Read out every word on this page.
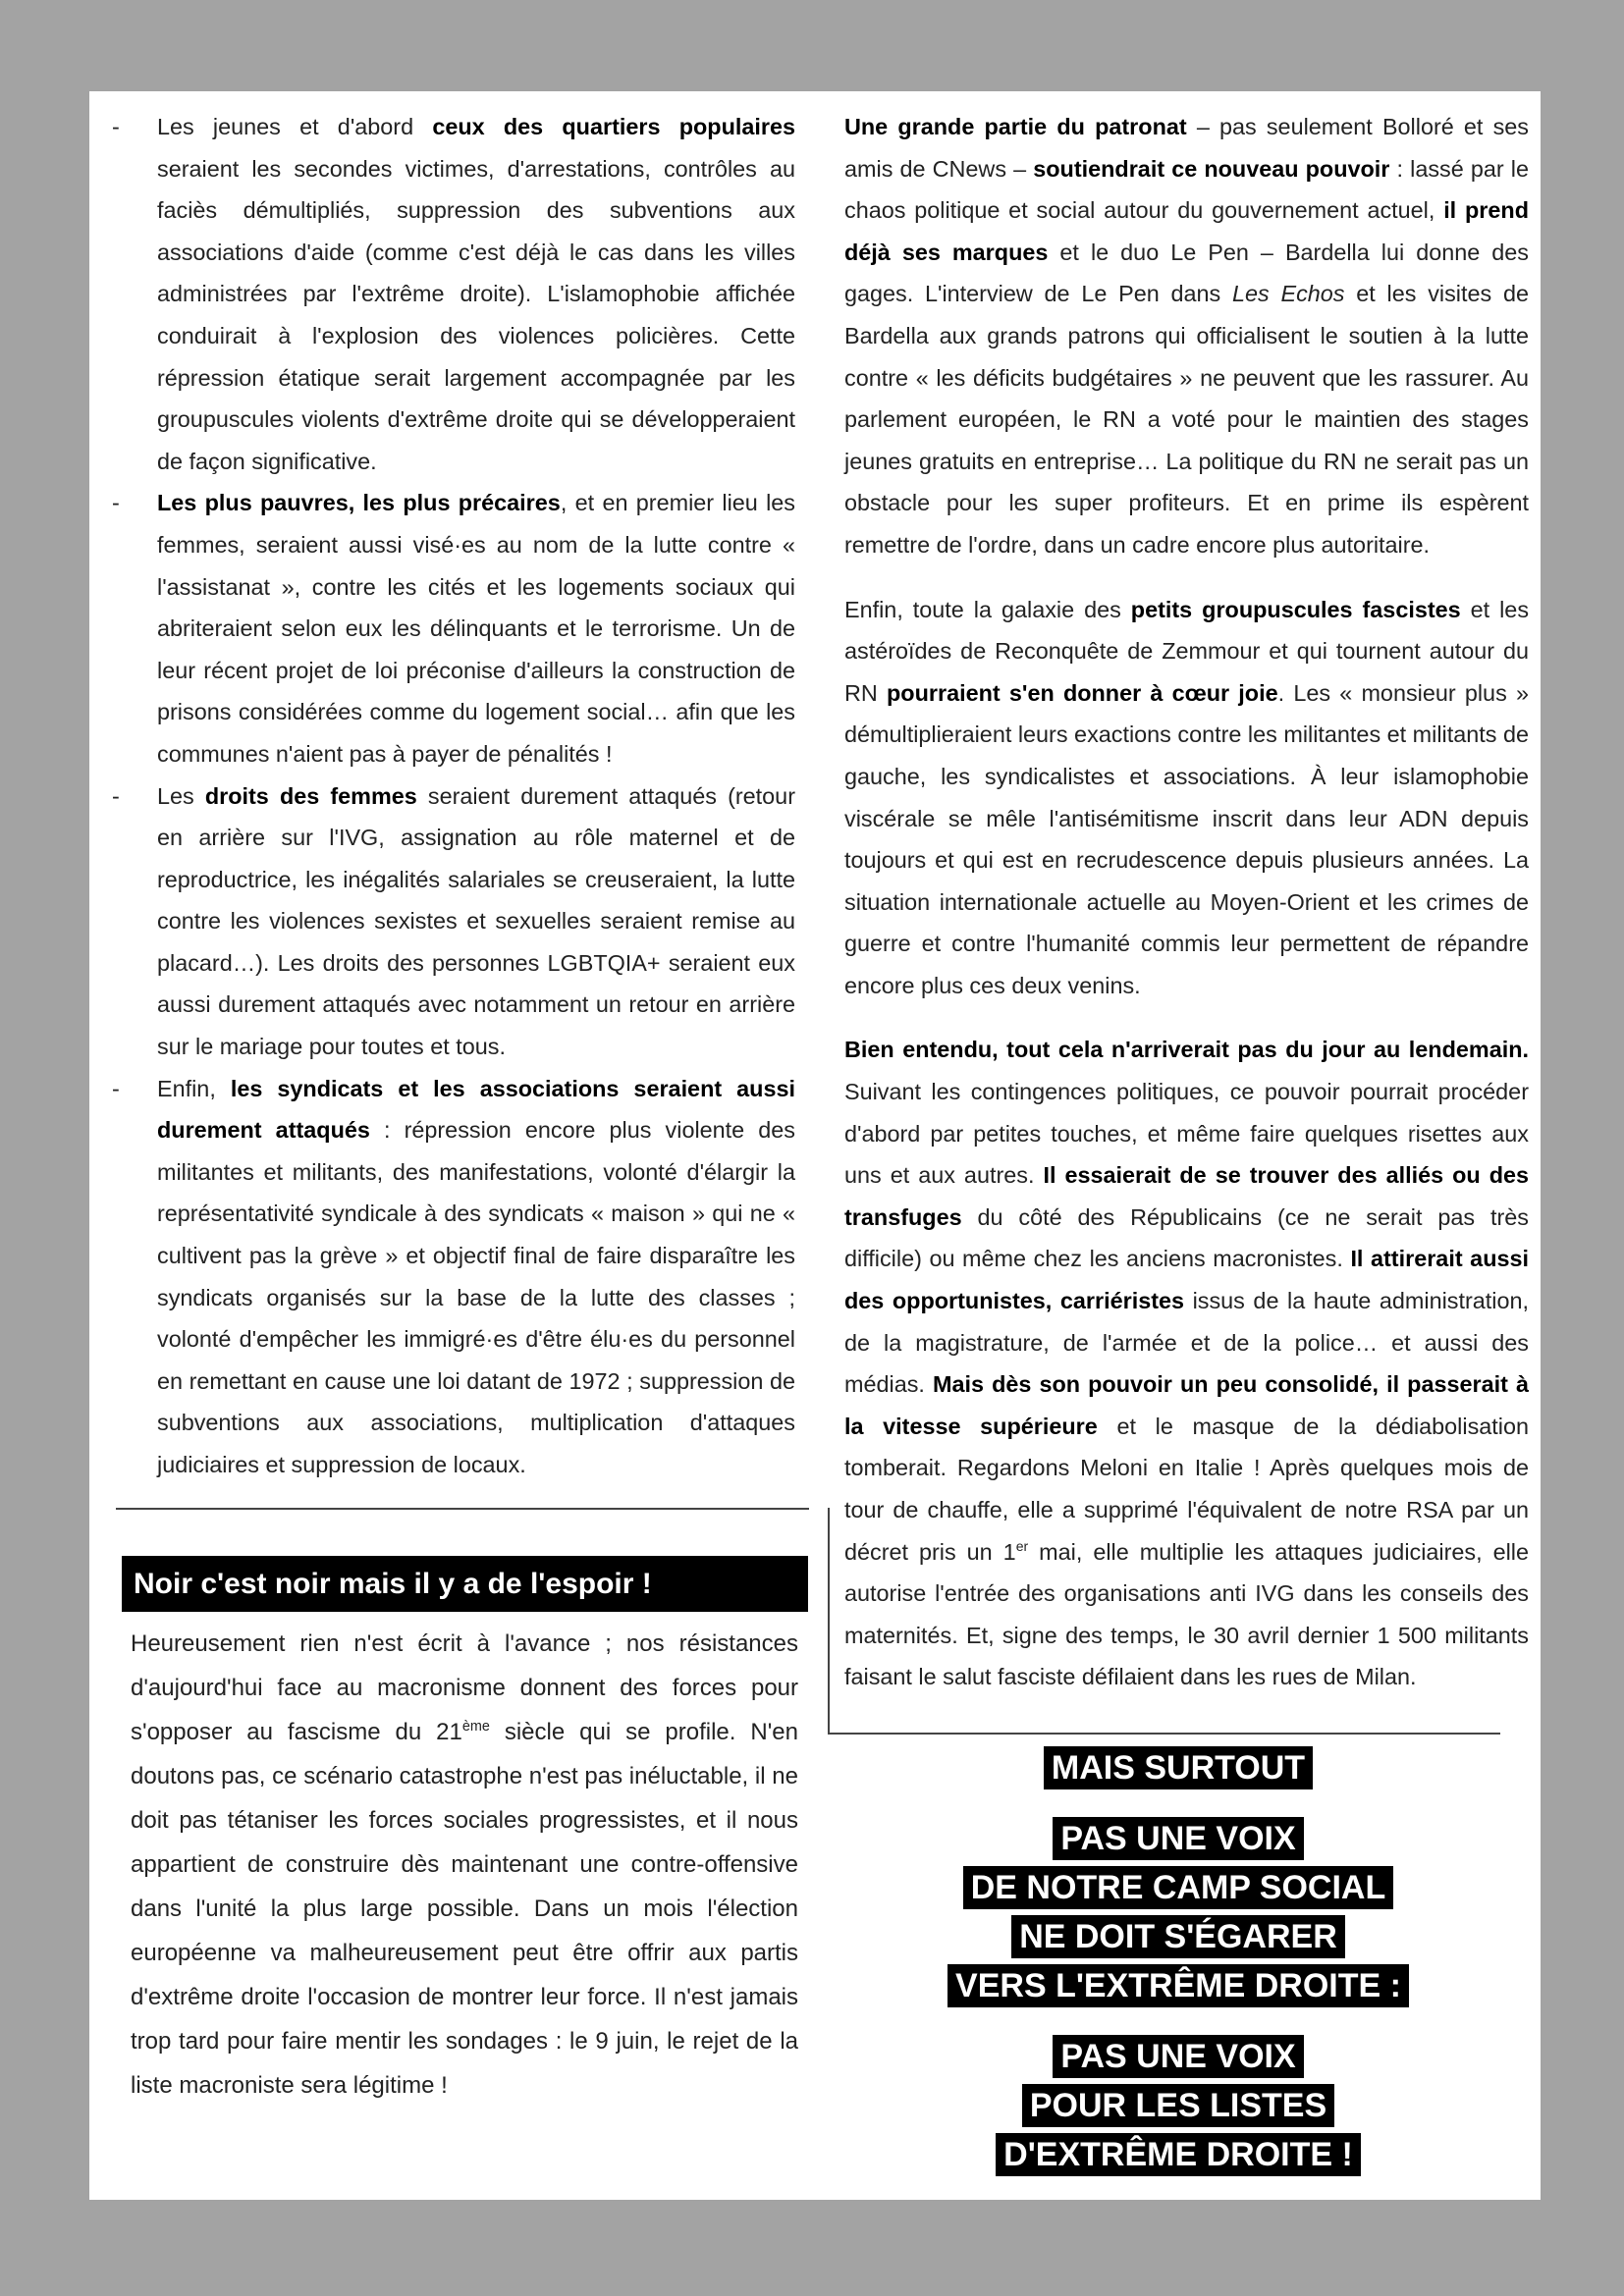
- Les jeunes et d'abord ceux des quartiers populaires seraient les secondes victimes, d'arrestations, contrôles au faciès démultipliés, suppression des subventions aux associations d'aide (comme c'est déjà le cas dans les villes administrées par l'extrême droite). L'islamophobie affichée conduirait à l'explosion des violences policières. Cette répression étatique serait largement accompagnée par les groupuscules violents d'extrême droite qui se développeraient de façon significative.
- Les plus pauvres, les plus précaires, et en premier lieu les femmes, seraient aussi visé·es au nom de la lutte contre « l'assistanat », contre les cités et les logements sociaux qui abriteraient selon eux les délinquants et le terrorisme. Un de leur récent projet de loi préconise d'ailleurs la construction de prisons considérées comme du logement social… afin que les communes n'aient pas à payer de pénalités !
- Les droits des femmes seraient durement attaqués (retour en arrière sur l'IVG, assignation au rôle maternel et de reproductrice, les inégalités salariales se creuseraient, la lutte contre les violences sexistes et sexuelles seraient remise au placard…). Les droits des personnes LGBTQIA+ seraient eux aussi durement attaqués avec notamment un retour en arrière sur le mariage pour toutes et tous.
- Enfin, les syndicats et les associations seraient aussi durement attaqués : répression encore plus violente des militantes et militants, des manifestations, volonté d'élargir la représentativité syndicale à des syndicats « maison » qui ne « cultivent pas la grève » et objectif final de faire disparaître les syndicats organisés sur la base de la lutte des classes ; volonté d'empêcher les immigré·es d'être élu·es du personnel en remettant en cause une loi datant de 1972 ; suppression de subventions aux associations, multiplication d'attaques judiciaires et suppression de locaux.

Une grande partie du patronat – pas seulement Bolloré et ses amis de CNews – soutiendrait ce nouveau pouvoir : lassé par le chaos politique et social autour du gouvernement actuel, il prend déjà ses marques et le duo Le Pen – Bardella lui donne des gages. L'interview de Le Pen dans Les Echos et les visites de Bardella aux grands patrons qui officialisent le soutien à la lutte contre « les déficits budgétaires » ne peuvent que les rassurer. Au parlement européen, le RN a voté pour le maintien des stages jeunes gratuits en entreprise… La politique du RN ne serait pas un obstacle pour les super profiteurs. Et en prime ils espèrent remettre de l'ordre, dans un cadre encore plus autoritaire.

Enfin, toute la galaxie des petits groupuscules fascistes et les astéroïdes de Reconquête de Zemmour et qui tournent autour du RN pourraient s'en donner à cœur joie. Les « monsieur plus » démultiplieraient leurs exactions contre les militantes et militants de gauche, les syndicalistes et associations. À leur islamophobie viscérale se mêle l'antisémitisme inscrit dans leur ADN depuis toujours et qui est en recrudescence depuis plusieurs années. La situation internationale actuelle au Moyen-Orient et les crimes de guerre et contre l'humanité commis leur permettent de répandre encore plus ces deux venins.

Bien entendu, tout cela n'arriverait pas du jour au lendemain. Suivant les contingences politiques, ce pouvoir pourrait procéder d'abord par petites touches, et même faire quelques risettes aux uns et aux autres. Il essaierait de se trouver des alliés ou des transfuges du côté des Républicains (ce ne serait pas très difficile) ou même chez les anciens macronistes. Il attirerait aussi des opportunistes, carriéristes issus de la haute administration, de la magistrature, de l'armée et de la police… et aussi des médias. Mais dès son pouvoir un peu consolidé, il passerait à la vitesse supérieure et le masque de la dédiabolisation tomberait. Regardons Meloni en Italie ! Après quelques mois de tour de chauffe, elle a supprimé l'équivalent de notre RSA par un décret pris un 1er mai, elle multiplie les attaques judiciaires, elle autorise l'entrée des organisations anti IVG dans les conseils des maternités. Et, signe des temps, le 30 avril dernier 1 500 militants faisant le salut fasciste défilaient dans les rues de Milan.

Noir c'est noir mais il y a de l'espoir !
Heureusement rien n'est écrit à l'avance ; nos résistances d'aujourd'hui face au macronisme donnent des forces pour s'opposer au fascisme du 21ème siècle qui se profile. N'en doutons pas, ce scénario catastrophe n'est pas inéluctable, il ne doit pas tétaniser les forces sociales progressistes, et il nous appartient de construire dès maintenant une contre-offensive dans l'unité la plus large possible. Dans un mois l'élection européenne va malheureusement peut être offrir aux partis d'extrême droite l'occasion de montrer leur force. Il n'est jamais trop tard pour faire mentir les sondages : le 9 juin, le rejet de la liste macroniste sera légitime !
MAIS SURTOUT
PAS UNE VOIX
DE NOTRE CAMP SOCIAL
NE DOIT S'ÉGARER
VERS L'EXTRÊME DROITE :
PAS UNE VOIX
POUR LES LISTES
D'EXTRÊME DROITE !
